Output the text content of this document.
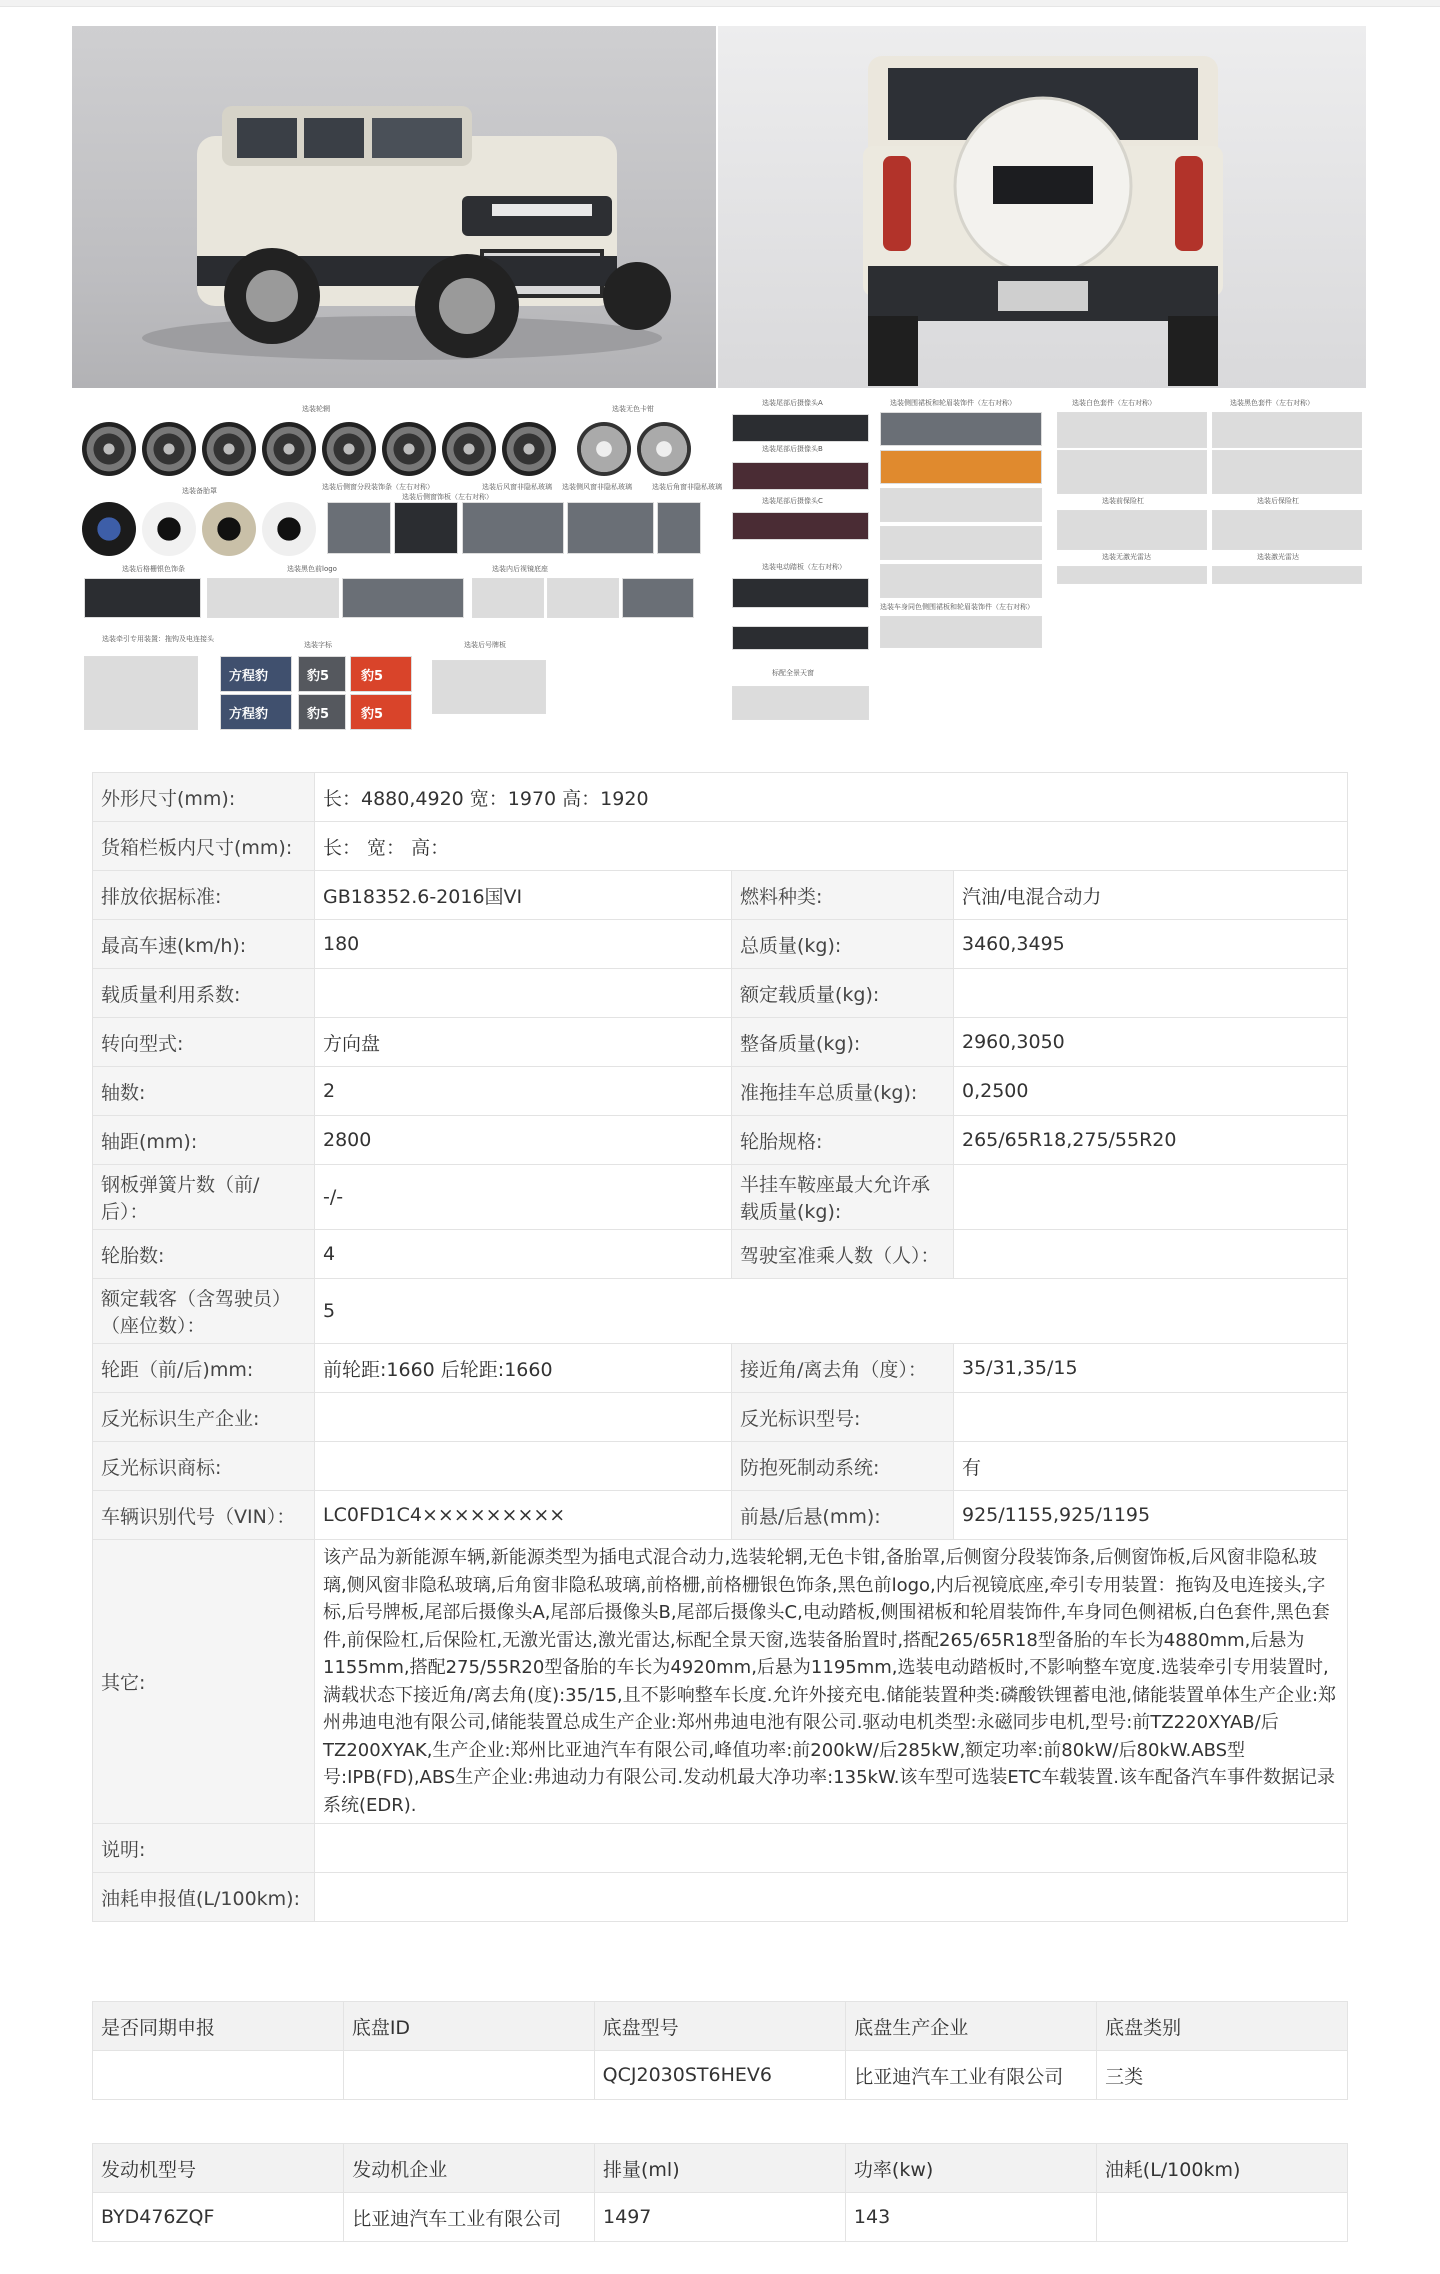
选装轮辋	选装无色卡钳
选装备胎罩	选装后侧窗分段装饰条（左右对称）
选装后侧窗饰板（左右对称）
选装后风窗非隐私玻璃 选装侧风窗非隐私玻璃	选装后角窗非隐私玻璃
选装后格栅银色饰条	选装黑色前logo	选装内后视镜底座
选装牵引专用装置：拖钩及电连接头
选装字标	选装后号牌板
方程豹
方程豹
豹5
豹5
豹5
豹5
选装尾部后摄像头A
选装尾部后摄像头B
选装尾部后摄像头C
选装电动踏板（左右对称）
标配全景天窗
选装侧围裙板和轮眉装饰件（左右对称）
选装车身同色侧围裙板和轮眉装饰件（左右对称）
选装白色套件（左右对称）	选装黑色套件（左右对称）
选装前保险杠	选装后保险杠
选装无激光雷达	选装激光雷达
外形尺寸(mm):	长：4880,4920 宽：1970 高：1920		
货箱栏板内尺寸(mm):	长： 宽： 高：		
排放依据标准:	GB18352.6-2016国VI	燃料种类:	汽油/电混合动力
最高车速(km/h):	180	总质量(kg):	3460,3495
载质量利用系数:		额定载质量(kg):	
转向型式:	方向盘	整备质量(kg):	2960,3050
轴数:	2	准拖挂车总质量(kg):	0,2500
轴距(mm):	2800	轮胎规格:	265/65R18,275/55R20
钢板弹簧片数（前/后）：	-/-	半挂车鞍座最大允许承载质量(kg):	
轮胎数:	4	驾驶室准乘人数（人）：	
额定载客（含驾驶员）（座位数）：	5		
轮距（前/后)mm:	前轮距:1660 后轮距:1660	接近角/离去角（度）：	35/31,35/15
反光标识生产企业:		反光标识型号:	
反光标识商标:		防抱死制动系统:	有
车辆识别代号（VIN）：	LC0FD1C4×××××××××	前悬/后悬(mm):	925/1155,925/1195
其它:	该产品为新能源车辆,新能源类型为插电式混合动力,选装轮辋,无色卡钳,备胎罩,后侧窗分段装饰条,后侧窗饰板,后风窗非隐私玻璃,侧风窗非隐私玻璃,后角窗非隐私玻璃,前格栅,前格栅银色饰条,黑色前logo,内后视镜底座,牵引专用装置：拖钩及电连接头,字标,后号牌板,尾部后摄像头A,尾部后摄像头B,尾部后摄像头C,电动踏板,侧围裙板和轮眉装饰件,车身同色侧裙板,白色套件,黑色套件,前保险杠,后保险杠,无激光雷达,激光雷达,标配全景天窗,选装备胎置时,搭配265/65R18型备胎的车长为4880mm,后悬为1155mm,搭配275/55R20型备胎的车长为4920mm,后悬为1195mm,选装电动踏板时,不影响整车宽度.选装牵引专用装置时,满载状态下接近角/离去角(度):35/15,且不影响整车长度.允许外接充电.储能装置种类:磷酸铁锂蓄电池,储能装置单体生产企业:郑州弗迪电池有限公司,储能装置总成生产企业:郑州弗迪电池有限公司.驱动电机类型:永磁同步电机,型号:前TZ220XYAB/后TZ200XYAK,生产企业:郑州比亚迪汽车有限公司,峰值功率:前200kW/后285kW,额定功率:前80kW/后80kW.ABS型号:IPB(FD),ABS生产企业:弗迪动力有限公司.发动机最大净功率:135kW.该车型可选装ETC车载装置.该车配备汽车事件数据记录系统(EDR).		
说明:			
油耗申报值(L/100km):			
是否同期申报	底盘ID	底盘型号	底盘生产企业	底盘类别
		QCJ2030ST6HEV6	比亚迪汽车工业有限公司	三类
发动机型号	发动机企业	排量(ml)	功率(kw)	油耗(L/100km)
BYD476ZQF	比亚迪汽车工业有限公司	1497	143	
